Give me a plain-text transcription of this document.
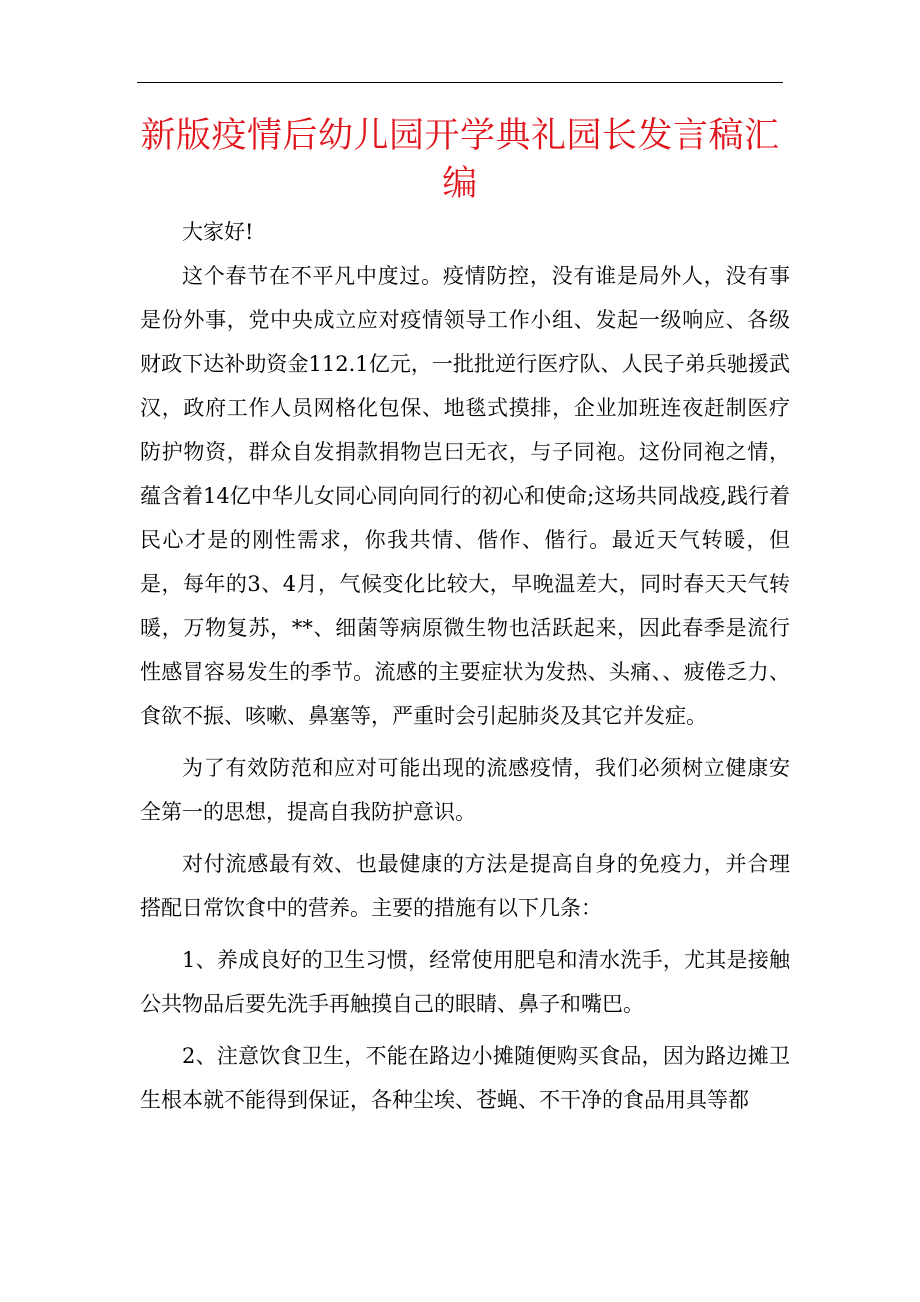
新版疫情后幼儿园开学典礼园长发言稿汇编

大家好!

这个春节在不平凡中度过。疫情防控，没有谁是局外人，没有事是份外事，党中央成立应对疫情领导工作小组、发起一级响应、各级财政下达补助资金112.1亿元，一批批逆行医疗队、人民子弟兵驰援武汉，政府工作人员网格化包保、地毯式摸排，企业加班连夜赶制医疗防护物资，群众自发捐款捐物岂曰无衣，与子同袍。这份同袍之情，蕴含着14亿中华儿女同心同向同行的初心和使命;这场共同战疫,践行着民心才是的刚性需求，你我共情、偕作、偕行。最近天气转暖，但是，每年的3、4月，气候变化比较大，早晚温差大，同时春天天气转暖，万物复苏，**、细菌等病原微生物也活跃起来，因此春季是流行性感冒容易发生的季节。流感的主要症状为发热、头痛、、疲倦乏力、食欲不振、咳嗽、鼻塞等，严重时会引起肺炎及其它并发症。

为了有效防范和应对可能出现的流感疫情，我们必须树立健康安全第一的思想，提高自我防护意识。

对付流感最有效、也最健康的方法是提高自身的免疫力，并合理搭配日常饮食中的营养。主要的措施有以下几条：

1、养成良好的卫生习惯，经常使用肥皂和清水洗手，尤其是接触公共物品后要先洗手再触摸自己的眼睛、鼻子和嘴巴。

2、注意饮食卫生，不能在路边小摊随便购买食品，因为路边摊卫生根本就不能得到保证，各种尘埃、苍蝇、不干净的食品用具等都
